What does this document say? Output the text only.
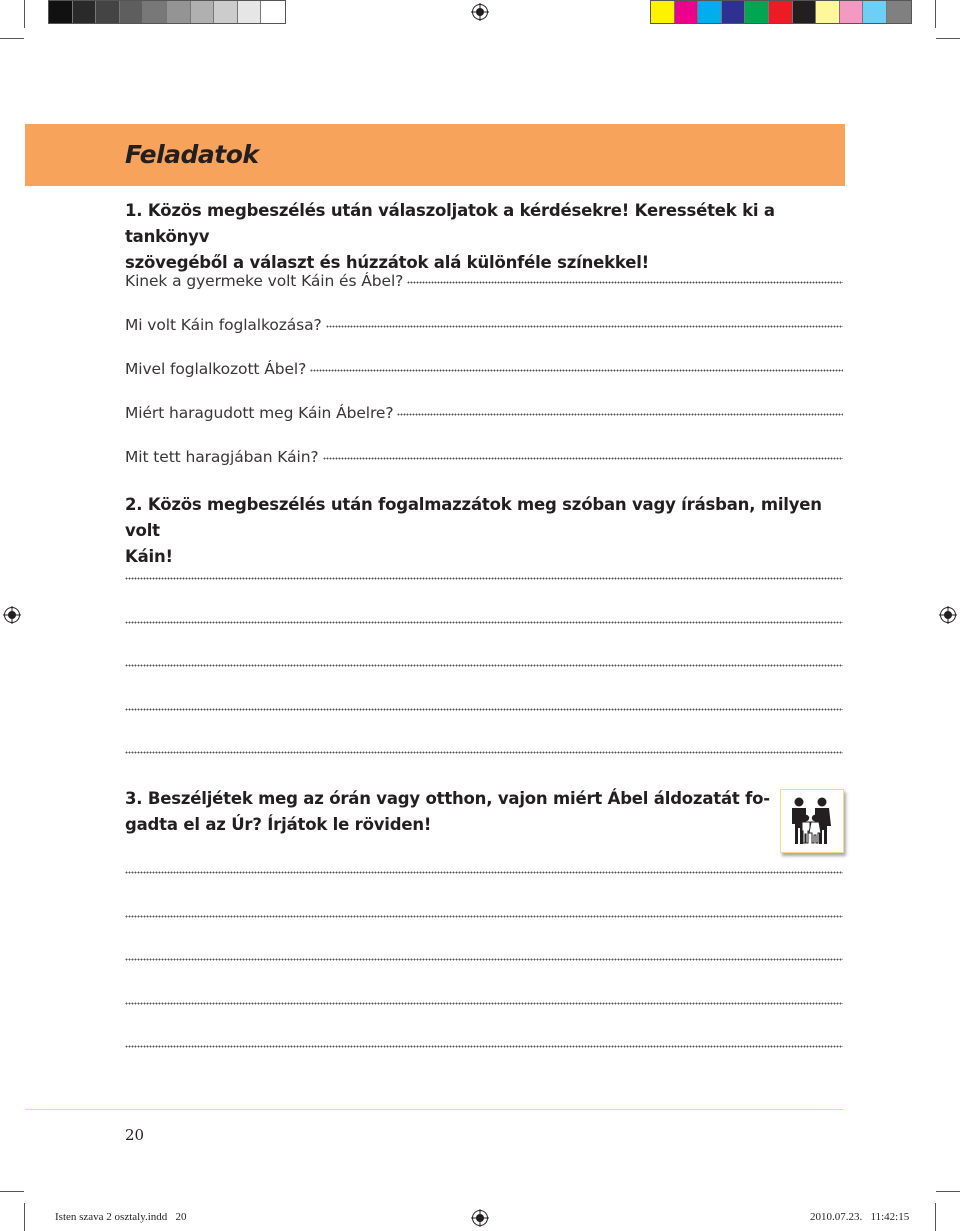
Feladatok
1. Közös megbeszélés után válaszoljatok a kérdésekre! Keressétek ki a tankönyv
szövegéből a választ és húzzátok alá különféle színekkel!
Kinek a gyermeke volt Káin és Ábel?
Mi volt Káin foglalkozása?
Mivel foglalkozott Ábel?
Miért haragudott meg Káin Ábelre?
Mit tett haragjában Káin?
2. Közös megbeszélés után fogalmazzátok meg szóban vagy írásban, milyen volt
Káin!
3. Beszéljétek meg az órán vagy otthon, vajon miért Ábel áldozatát fo-
gadta el az Úr? Írjátok le röviden!
20
Isten szava 2 osztaly.indd   20	2010.07.23.   11:42:15
